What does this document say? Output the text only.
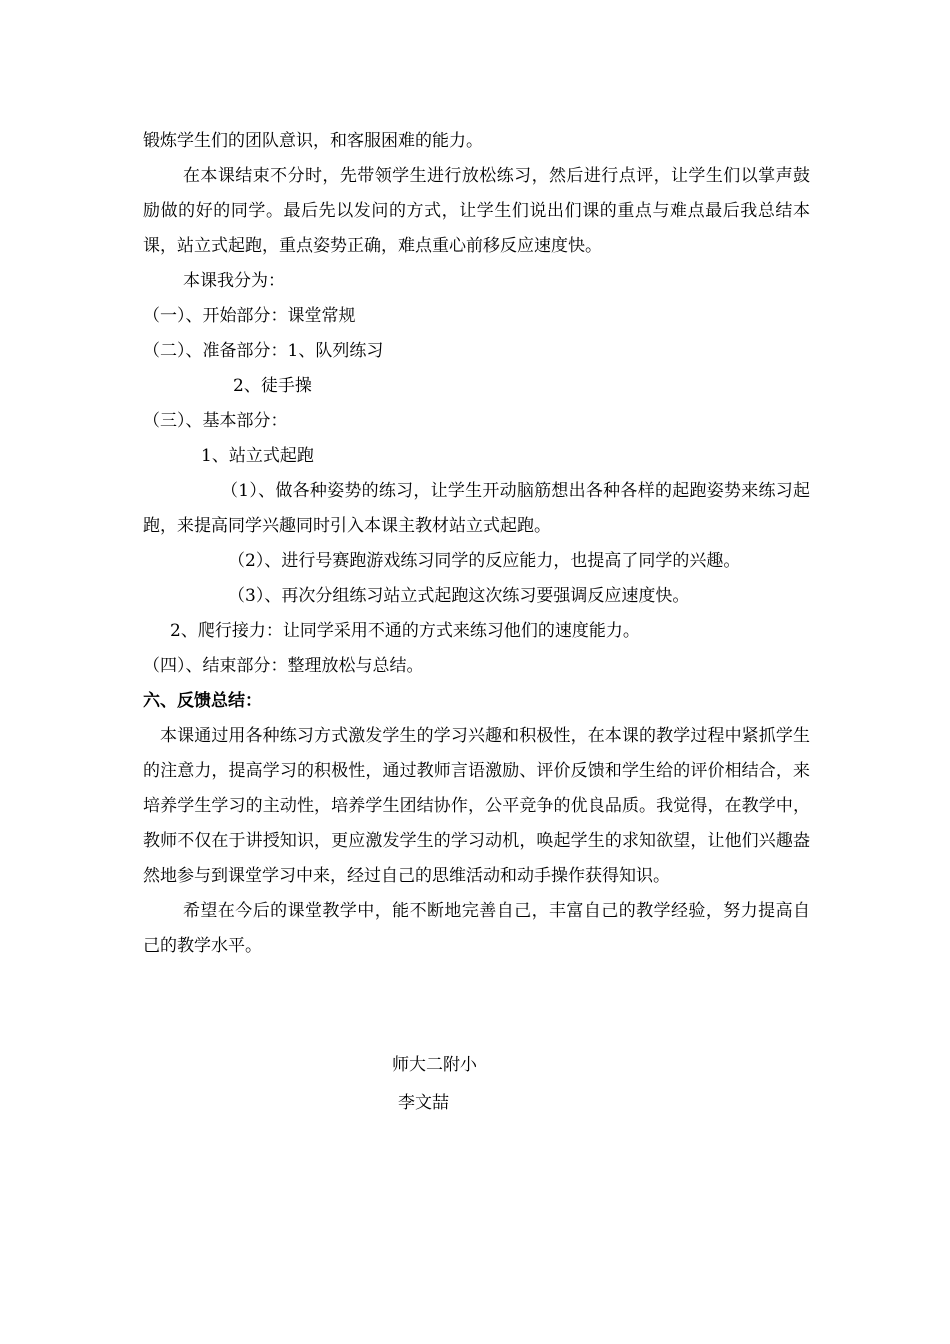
锻炼学生们的团队意识，和客服困难的能力。
在本课结束不分时，先带领学生进行放松练习，然后进行点评，让学生们以掌声鼓励做的好的同学。最后先以发问的方式，让学生们说出们课的重点与难点最后我总结本课，站立式起跑，重点姿势正确，难点重心前移反应速度快。
本课我分为：
（一）、开始部分：课堂常规
（二）、准备部分：1、队列练习
2、徒手操
（三）、基本部分：
1、站立式起跑
（1）、做各种姿势的练习，让学生开动脑筋想出各种各样的起跑姿势来练习起跑，来提高同学兴趣同时引入本课主教材站立式起跑。
（2）、进行号赛跑游戏练习同学的反应能力，也提高了同学的兴趣。
（3）、再次分组练习站立式起跑这次练习要强调反应速度快。
2、爬行接力：让同学采用不通的方式来练习他们的速度能力。
（四）、结束部分：整理放松与总结。
六、反馈总结：
本课通过用各种练习方式激发学生的学习兴趣和积极性，在本课的教学过程中紧抓学生的注意力，提高学习的积极性，通过教师言语激励、评价反馈和学生给的评价相结合，来培养学生学习的主动性，培养学生团结协作，公平竞争的优良品质。我觉得，在教学中，教师不仅在于讲授知识，更应激发学生的学习动机，唤起学生的求知欲望，让他们兴趣盎然地参与到课堂学习中来，经过自己的思维活动和动手操作获得知识。
希望在今后的课堂教学中，能不断地完善自己，丰富自己的教学经验，努力提高自己的教学水平。
师大二附小
李文喆
